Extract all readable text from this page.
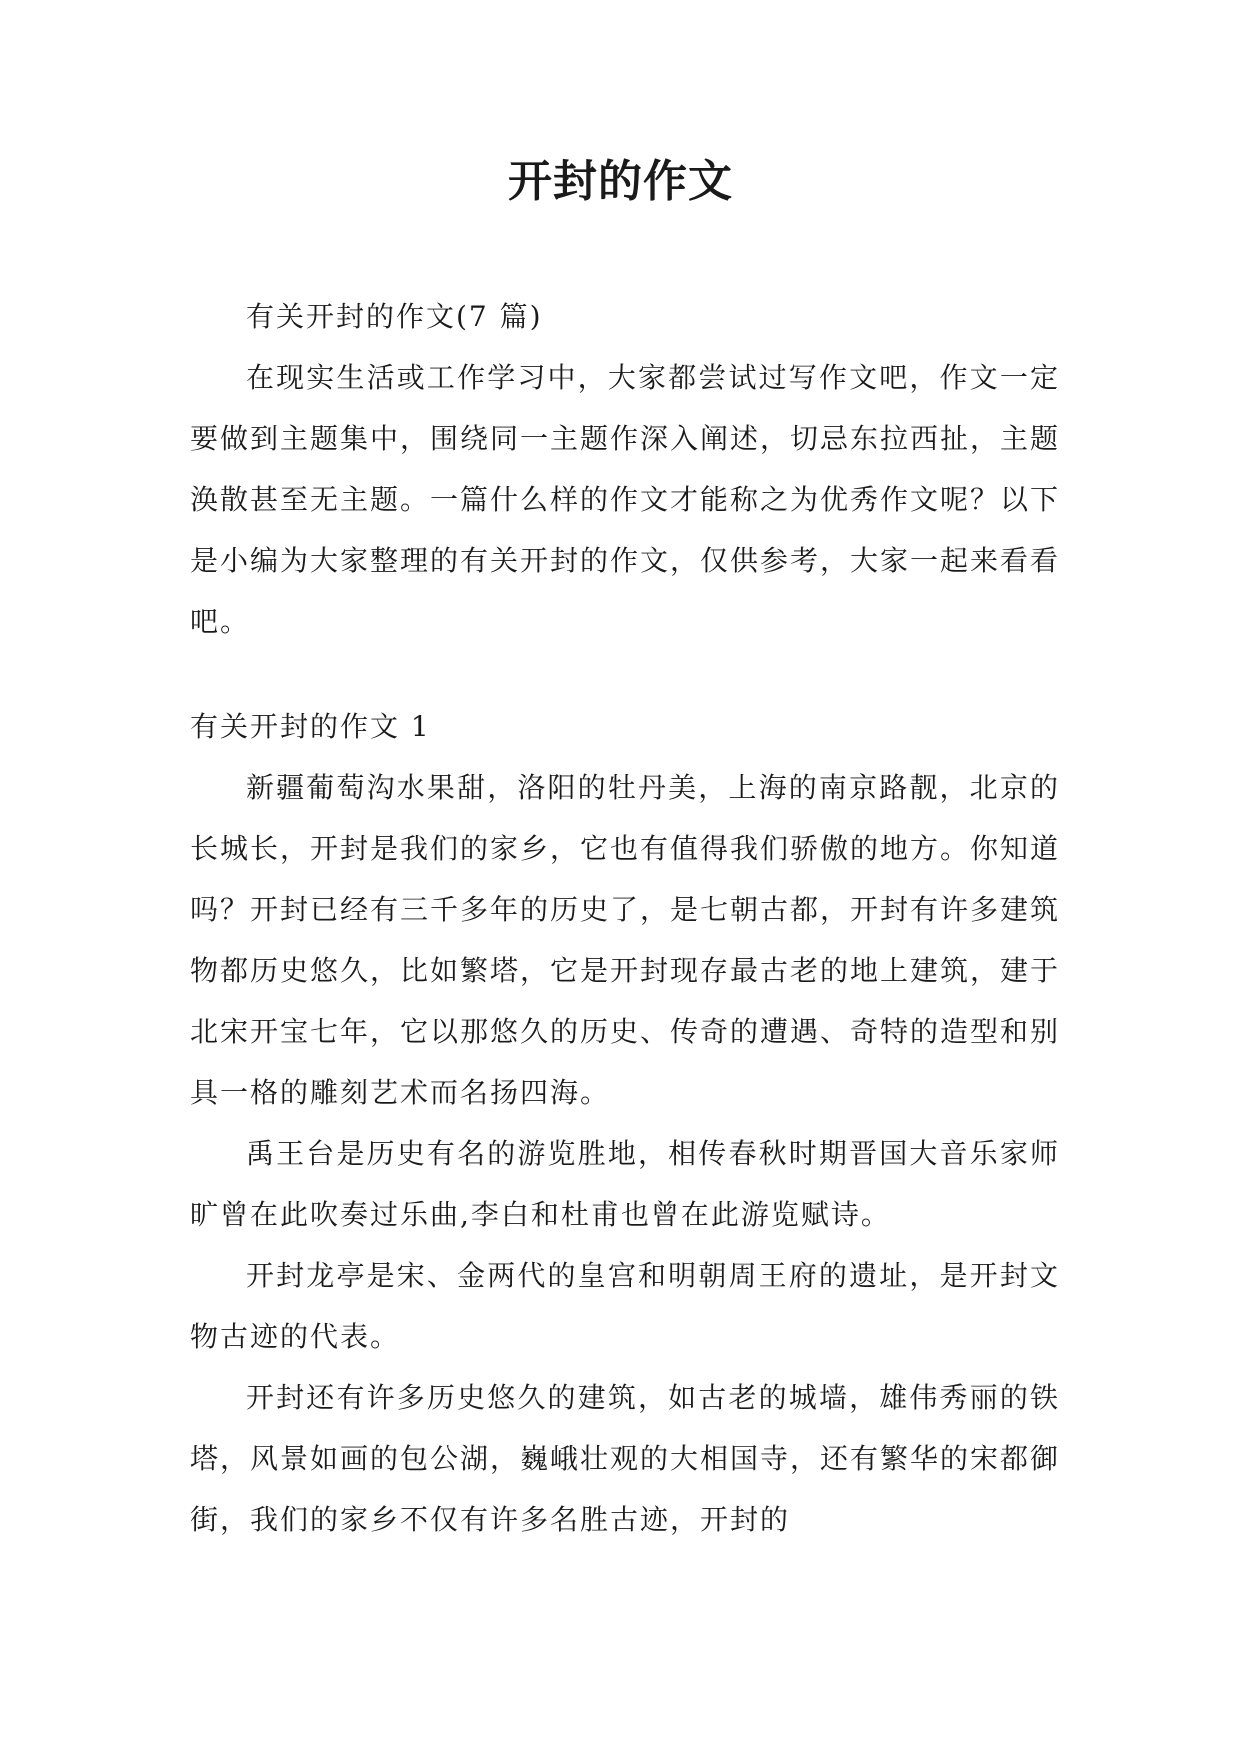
开封的作文

有关开封的作文(7 篇)

在现实生活或工作学习中，大家都尝试过写作文吧，作文一定要做到主题集中，围绕同一主题作深入阐述，切忌东拉西扯，主题涣散甚至无主题。一篇什么样的作文才能称之为优秀作文呢？以下是小编为大家整理的有关开封的作文，仅供参考，大家一起来看看吧。

有关开封的作文 1

新疆葡萄沟水果甜，洛阳的牡丹美，上海的南京路靓，北京的长城长，开封是我们的家乡，它也有值得我们骄傲的地方。你知道吗？开封已经有三千多年的历史了，是七朝古都，开封有许多建筑物都历史悠久，比如繁塔，它是开封现存最古老的地上建筑，建于北宋开宝七年，它以那悠久的历史、传奇的遭遇、奇特的造型和别具一格的雕刻艺术而名扬四海。

禹王台是历史有名的游览胜地，相传春秋时期晋国大音乐家师旷曾在此吹奏过乐曲,李白和杜甫也曾在此游览赋诗。

开封龙亭是宋、金两代的皇宫和明朝周王府的遗址，是开封文物古迹的代表。

开封还有许多历史悠久的建筑，如古老的城墙，雄伟秀丽的铁塔，风景如画的包公湖，巍峨壮观的大相国寺，还有繁华的宋都御街，我们的家乡不仅有许多名胜古迹，开封的
